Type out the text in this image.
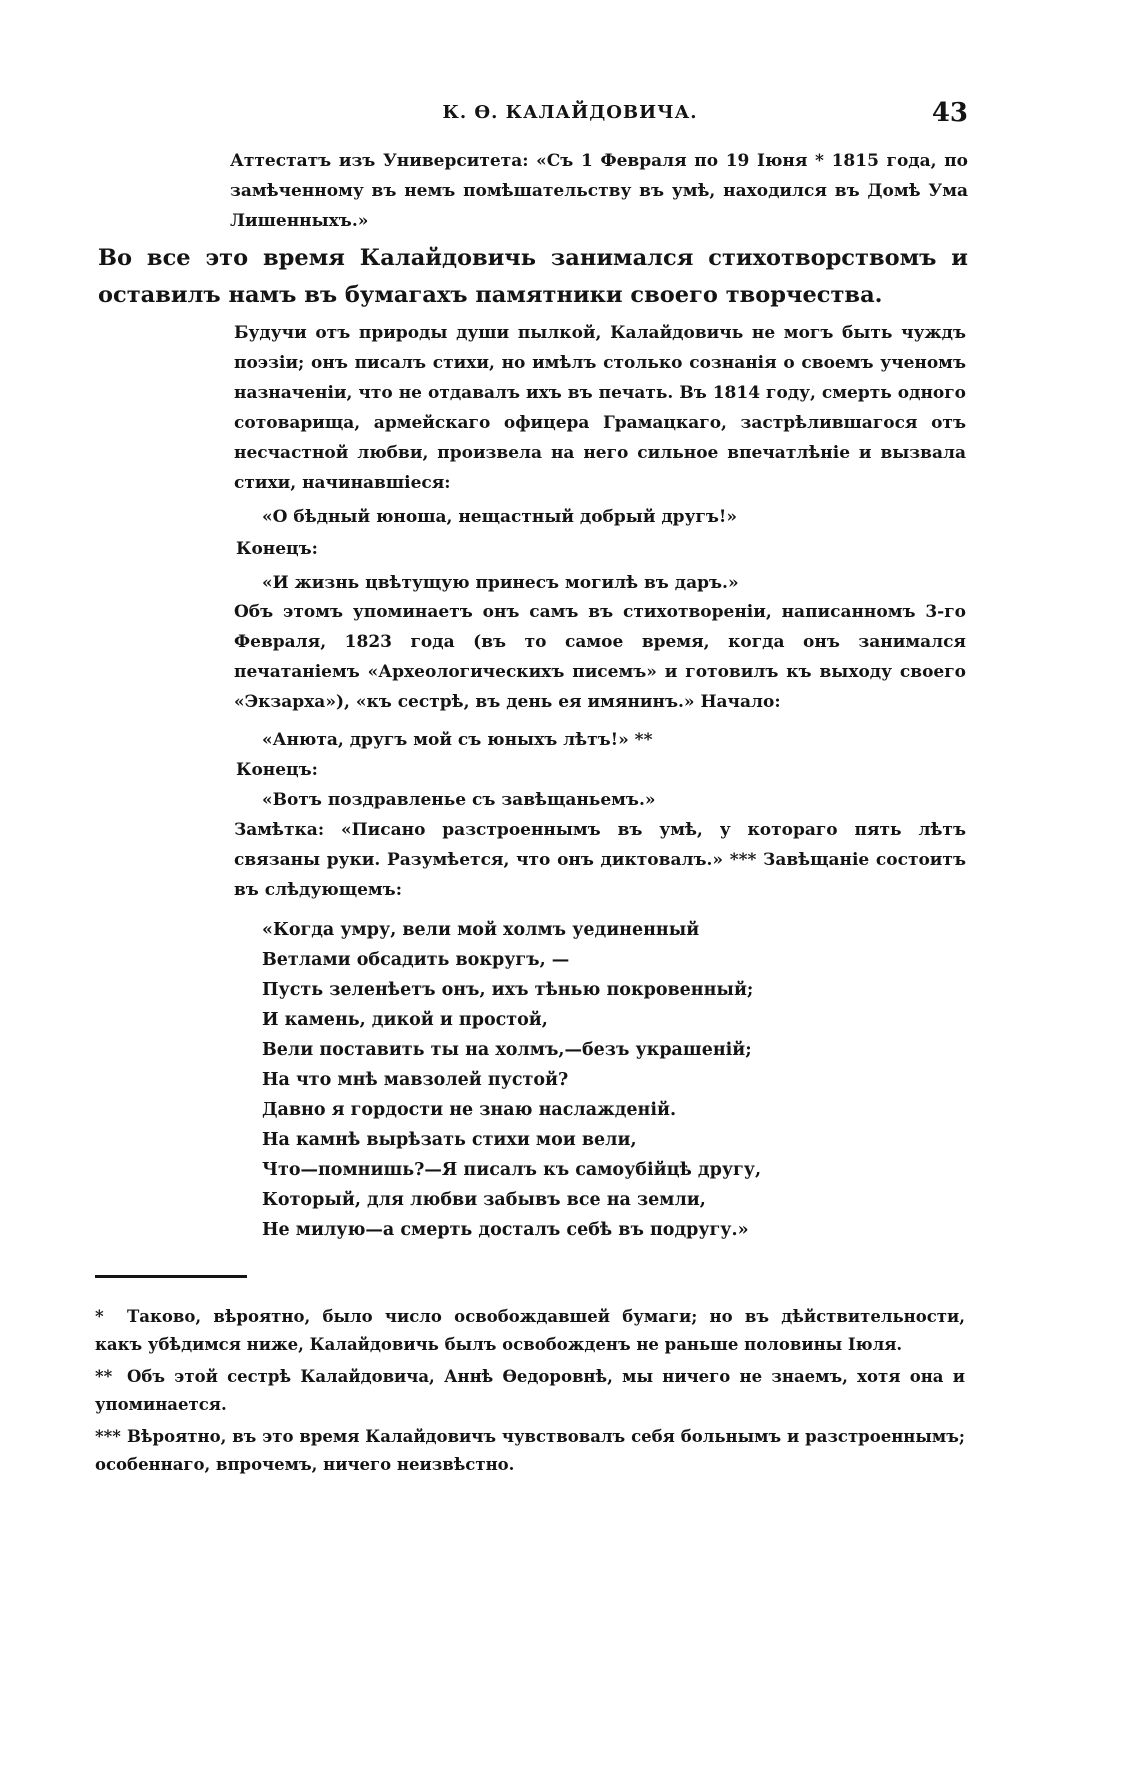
К. Ѳ. КАЛАЙДОВИЧА.	43

Аттестатъ изъ Университета: «Съ 1 Февраля по 19 Іюня * 1815 года, по замѣченному въ немъ помѣшательству въ умѣ, находился въ Домѣ Ума Лишенныхъ.»

Во все это время Калайдовичь занимался стихотворствомъ и оставилъ намъ въ бумагахъ памятники своего творчества.

Будучи отъ природы души пылкой, Калайдовичь не могъ быть чуждъ поэзіи; онъ писалъ стихи, но имѣлъ столько сознанія о своемъ ученомъ назначеніи, что не отдавалъ ихъ въ печать. Въ 1814 году, смерть одного сотоварища, армейскаго офицера Грамацкаго, застрѣлившагося отъ несчастной любви, произвела на него сильное впечатлѣніе и вызвала стихи, начинавшіеся:

«О бѣдный юноша, нещастный добрый другъ!»

Конецъ:

«И жизнь цвѣтущую принесъ могилѣ въ даръ.»

Объ этомъ упоминаетъ онъ самъ въ стихотвореніи, написанномъ 3-го Февраля, 1823 года (въ то самое время, когда онъ занимался печатаніемъ «Археологическихъ писемъ» и готовилъ къ выходу своего «Экзарха»), «къ сестрѣ, въ день ея имянинъ.» Начало:

«Анюта, другъ мой съ юныхъ лѣтъ!» **

Конецъ:

«Вотъ поздравленье съ завѣщаньемъ.»

Замѣтка: «Писано разстроеннымъ въ умѣ, у котораго пять лѣтъ связаны руки. Разумѣется, что онъ диктовалъ.» *** Завѣщаніе состоитъ въ слѣдующемъ:

«Когда умру, вели мой холмъ уединенный

Ветлами обсадить вокругъ, —

Пусть зеленѣетъ онъ, ихъ тѣнью покровенный;

И камень, дикой и простой,

Вели поставить ты на холмъ,—безъ украшеній;

На что мнѣ мавзолей пустой?

Давно я гордости не знаю наслажденій.

На камнѣ вырѣзать стихи мои вели,

Что—помнишь?—Я писалъ къ самоубійцѣ другу,

Который, для любви забывъ все на земли,

Не милую—а смерть досталъ себѣ въ подругу.»

* Таково, вѣроятно, было число освобождавшей бумаги; но въ дѣйствительности, какъ убѣдимся ниже, Калайдовичь былъ освобожденъ не раньше половины Іюля.

** Объ этой сестрѣ Калайдовича, Аннѣ Ѳедоровнѣ, мы ничего не знаемъ, хотя она и упоминается.

*** Вѣроятно, въ это время Калайдовичъ чувствовалъ себя больнымъ и разстроеннымъ; особеннаго, впрочемъ, ничего неизвѣстно.
